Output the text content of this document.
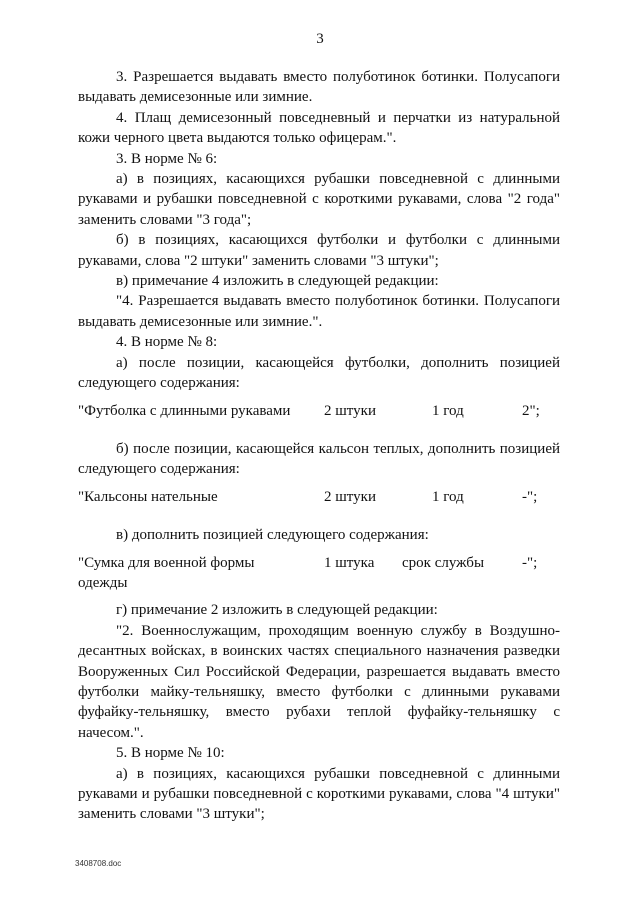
3

3. Разрешается выдавать вместо полуботинок ботинки. Полусапоги выдавать демисезонные или зимние.

4. Плащ демисезонный повседневный и перчатки из натуральной кожи черного цвета выдаются только офицерам.".

3. В норме № 6:

а) в позициях, касающихся рубашки повседневной с длинными рукавами и рубашки повседневной с короткими рукавами, слова "2 года" заменить словами "3 года";

б) в позициях, касающихся футболки и футболки с длинными рукавами, слова "2 штуки" заменить словами "3 штуки";

в) примечание 4 изложить в следующей редакции:

"4. Разрешается выдавать вместо полуботинок ботинки. Полусапоги выдавать демисезонные или зимние.".

4. В норме № 8:

а) после позиции, касающейся футболки, дополнить позицией следующего содержания:

"Футболка с длинными рукавами 2 штуки	1 год	2";

б) после позиции, касающейся кальсон теплых, дополнить позицией следующего содержания:

"Кальсоны нательные	2 штуки	1 год	-";

в) дополнить позицией следующего содержания:

"Сумка для военной формы	1 штука срок службы	-";
одежды

г) примечание 2 изложить в следующей редакции:

"2. Военнослужащим, проходящим военную службу в Воздушно-десантных войсках, в воинских частях специального назначения разведки Вооруженных Сил Российской Федерации, разрешается выдавать вместо футболки майку-тельняшку, вместо футболки с длинными рукавами фуфайку-тельняшку, вместо рубахи теплой фуфайку-тельняшку с начесом.".

5. В норме № 10:

а) в позициях, касающихся рубашки повседневной с длинными рукавами и рубашки повседневной с короткими рукавами, слова "4 штуки" заменить словами "3 штуки";

3408708.doc
